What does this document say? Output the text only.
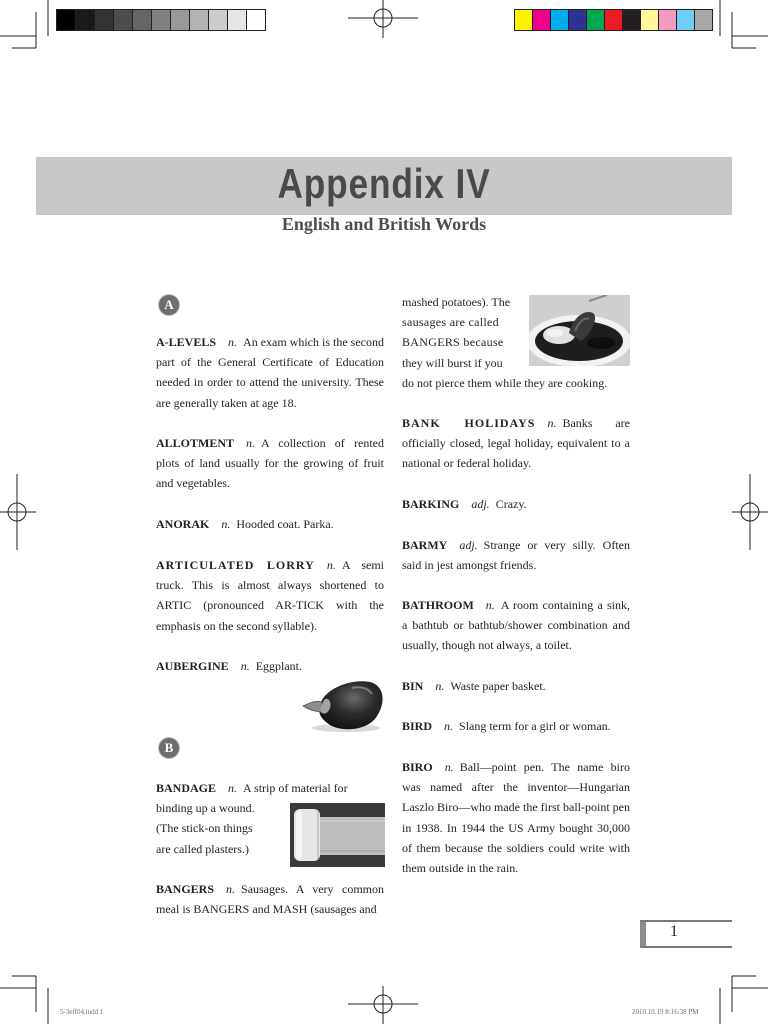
Appendix IV
English and British Words
A

A-LEVELS n. An exam which is the second part of the General Certificate of Education needed in order to attend the university. These are generally taken at age 18.

ALLOTMENT n. A collection of rented plots of land usually for the growing of fruit and vegetables.

ANORAK n. Hooded coat. Parka.

ARTICULATED LORRY n. A semi truck. This is almost always shortened to ARTIC (pronounced AR-TICK with the emphasis on the second syllable).

AUBERGINE n. Eggplant.

B
BANDAGE n. A strip of material for
binding up a wound.
(The stick-on things
are called plasters.)

BANGERS n. Sausages. A very common meal is BANGERS and MASH (sausages and

mashed potatoes). The
sausages are called
BANGERS because
they will burst if you
do not pierce them while they are cooking.

BANK HOLIDAYS n. Banks are officially closed, legal holiday, equivalent to a national or federal holiday.

BARKING adj. Crazy.

BARMY adj. Strange or very silly. Often said in jest amongst friends.

BATHROOM n. A room containing a sink, a bathtub or bathtub/shower combination and usually, though not always, a toilet.

BIN n. Waste paper basket.

BIRD n. Slang term for a girl or woman.

BIRO n. Ball—point pen. The name biro was named after the inventor—Hungarian Laszlo Biro—who made the first ball-point pen in 1938. In 1944 the US Army bought 30,000 of them because the soldiers could write with them outside in the rain.

1
5-3eff04.indd 1	2010.10.19 8:16:38 PM
